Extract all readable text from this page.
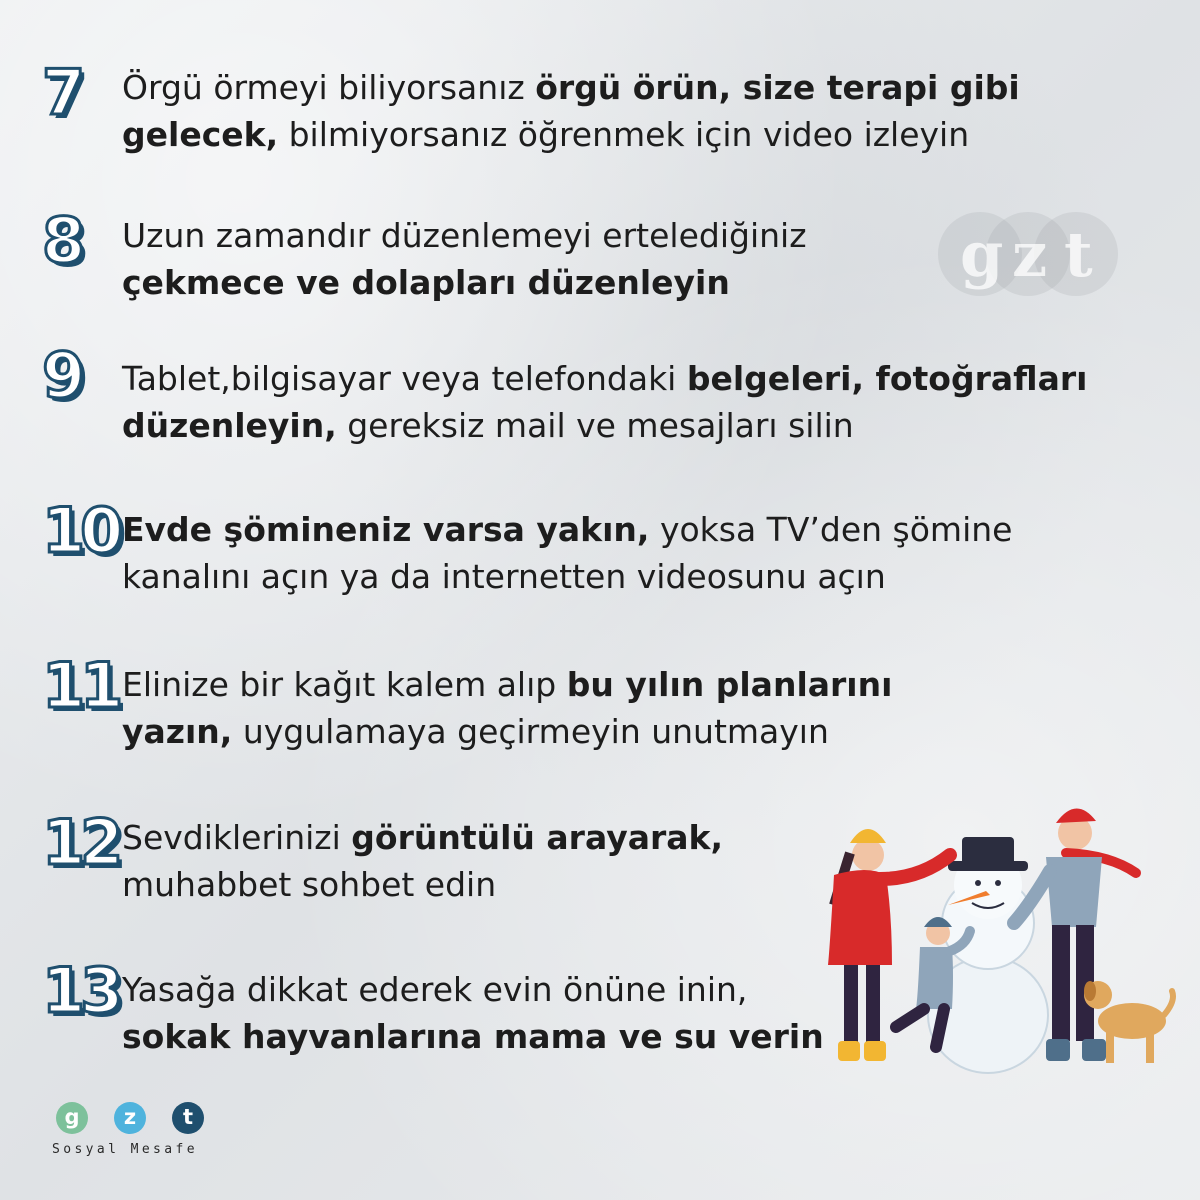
g z t
7 Örgü örmeyi biliyorsanız örgü örün, size terapi gibi
gelecek, bilmiyorsanız öğrenmek için video izleyin
8 Uzun zamandır düzenlemeyi ertelediğiniz
çekmece ve dolapları düzenleyin
9 Tablet,bilgisayar veya telefondaki belgeleri, fotoğrafları
düzenleyin, gereksiz mail ve mesajları silin
10 Evde şömineniz varsa yakın, yoksa TV’den şömine
kanalını açın ya da internetten videosunu açın
11 Elinize bir kağıt kalem alıp bu yılın planlarını
yazın, uygulamaya geçirmeyin unutmayın
12 Sevdiklerinizi görüntülü arayarak,
muhabbet sohbet edin
13 Yasağa dikkat ederek evin önüne inin,
sokak hayvanlarına mama ve su verin
g	z	t
Sosyal Mesafe
